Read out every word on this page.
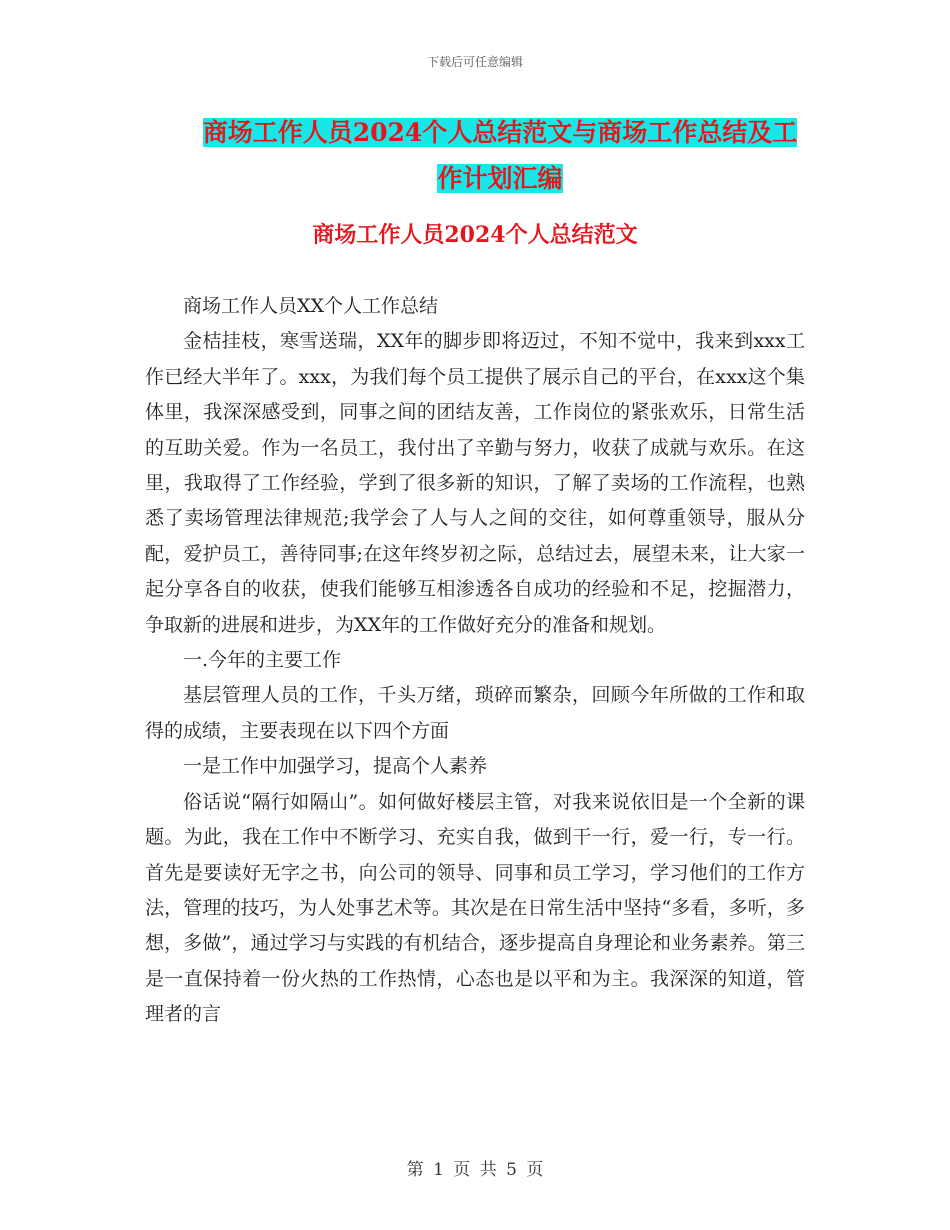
下载后可任意编辑
商场工作人员2024个人总结范文与商场工作总结及工
作计划汇编
商场工作人员2024个人总结范文

商场工作人员XX个人工作总结

金桔挂枝，寒雪送瑞，XX年的脚步即将迈过，不知不觉中，我来到xxx工作已经大半年了。xxx，为我们每个员工提供了展示自己的平台，在xxx这个集体里，我深深感受到，同事之间的团结友善，工作岗位的紧张欢乐，日常生活的互助关爱。作为一名员工，我付出了辛勤与努力，收获了成就与欢乐。在这里，我取得了工作经验，学到了很多新的知识，了解了卖场的工作流程，也熟悉了卖场管理法律规范;我学会了人与人之间的交往，如何尊重领导，服从分配，爱护员工，善待同事;在这年终岁初之际，总结过去，展望未来，让大家一起分享各自的收获，使我们能够互相渗透各自成功的经验和不足，挖掘潜力，争取新的进展和进步，为XX年的工作做好充分的准备和规划。

一.今年的主要工作

基层管理人员的工作，千头万绪，琐碎而繁杂，回顾今年所做的工作和取得的成绩，主要表现在以下四个方面

一是工作中加强学习，提高个人素养

俗话说“隔行如隔山”。如何做好楼层主管，对我来说依旧是一个全新的课题。为此，我在工作中不断学习、充实自我，做到干一行，爱一行，专一行。首先是要读好无字之书，向公司的领导、同事和员工学习，学习他们的工作方法，管理的技巧，为人处事艺术等。其次是在日常生活中坚持“多看，多听，多想，多做”，通过学习与实践的有机结合，逐步提高自身理论和业务素养。第三是一直保持着一份火热的工作热情，心态也是以平和为主。我深深的知道，管理者的言

第 1 页 共 5 页
